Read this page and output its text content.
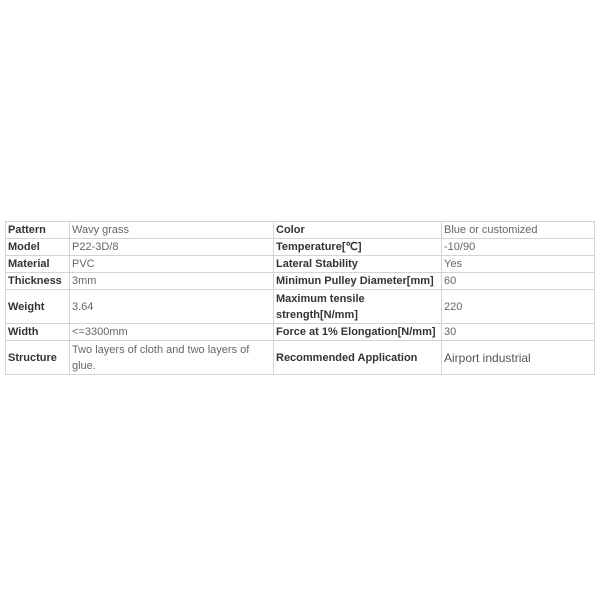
Pattern	Wavy grass	Color	Blue or customized
Model	P22-3D/8	Temperature[℃]	-10/90
Material	PVC	Lateral Stability	Yes
Thickness	3mm	Minimun Pulley Diameter[mm]	60
Weight	3.64	Maximum tensile strength[N/mm]	220
Width	<=3300mm	Force at 1% Elongation[N/mm]	30
Structure	Two layers of cloth and two layers of glue.	Recommended Application	Airport industrial
